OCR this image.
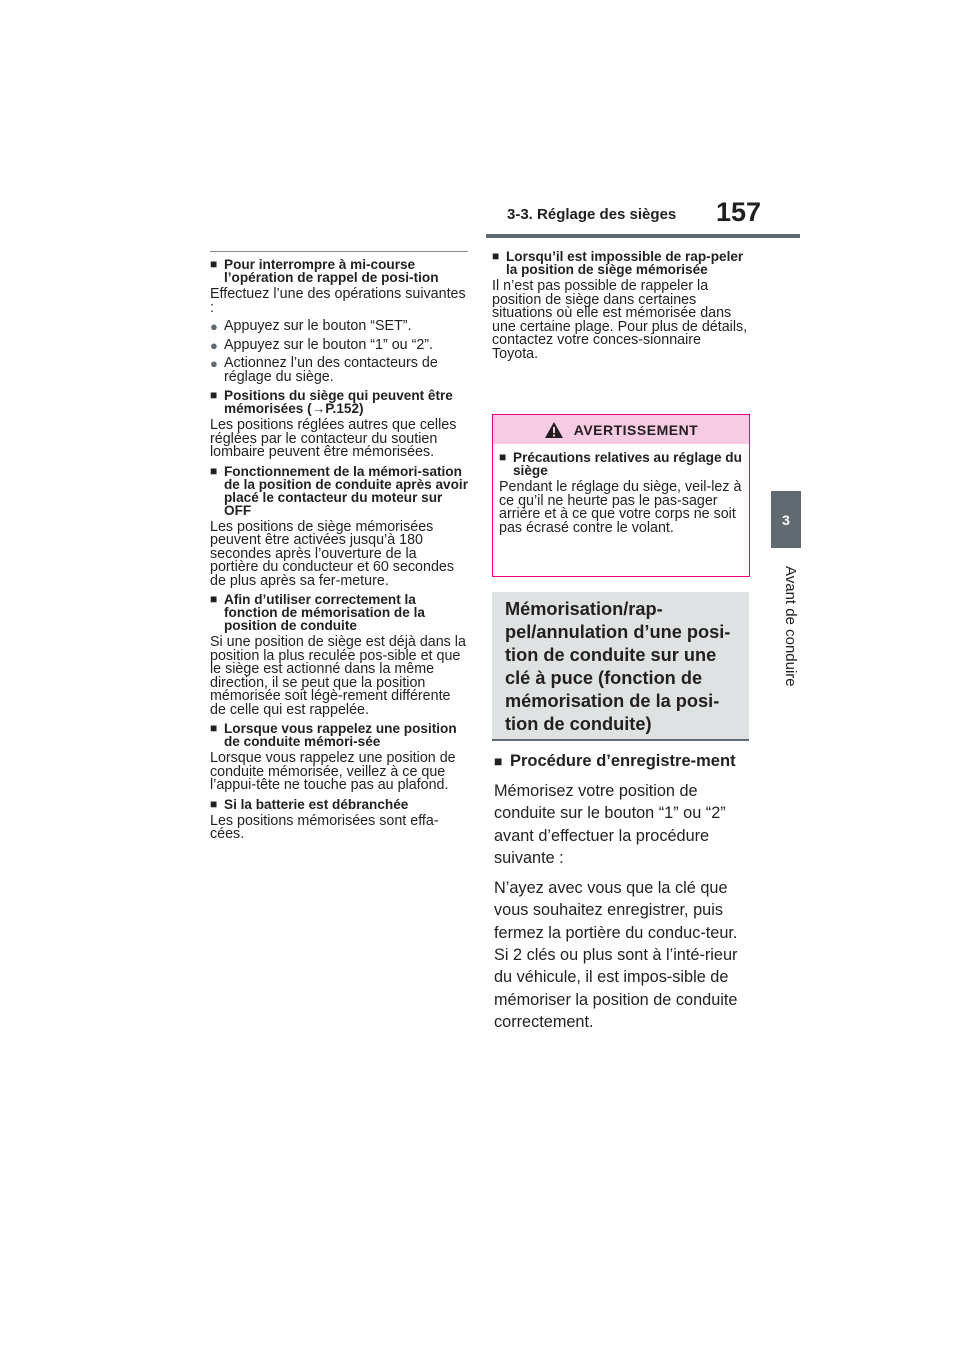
3-3. Réglage des sièges 157
3
Avant de conduire
■ Pour interrompre à mi-course l’opération de rappel de posi-tion
Effectuez l’une des opérations suivantes :
● Appuyez sur le bouton “SET”.
● Appuyez sur le bouton “1” ou “2”.
● Actionnez l’un des contacteurs de réglage du siège.
■ Positions du siège qui peuvent être mémorisées (→P.152)
Les positions réglées autres que celles réglées par le contacteur du soutien lombaire peuvent être mémorisées.
■ Fonctionnement de la mémori-sation de la position de conduite après avoir placé le contacteur du moteur sur OFF
Les positions de siège mémorisées peuvent être activées jusqu’à 180 secondes après l’ouverture de la portière du conducteur et 60 secondes de plus après sa fer-meture.
■ Afin d’utiliser correctement la fonction de mémorisation de la position de conduite
Si une position de siège est déjà dans la position la plus reculée pos-sible et que le siège est actionné dans la même direction, il se peut que la position mémorisée soit légè-rement différente de celle qui est rappelée.
■ Lorsque vous rappelez une position de conduite mémori-sée
Lorsque vous rappelez une position de conduite mémorisée, veillez à ce que l’appui-tête ne touche pas au plafond.
■ Si la batterie est débranchée
Les positions mémorisées sont effa-cées.
■ Lorsqu’il est impossible de rap-peler la position de siège mémorisée
Il n’est pas possible de rappeler la position de siège dans certaines situations où elle est mémorisée dans une certaine plage. Pour plus de détails, contactez votre conces-sionnaire Toyota.
AVERTISSEMENT
■ Précautions relatives au réglage du siège
Pendant le réglage du siège, veil-lez à ce qu’il ne heurte pas le pas-sager arrière et à ce que votre corps ne soit pas écrasé contre le volant.
Mémorisation/rap-pel/annulation d’une posi-tion de conduite sur une clé à puce (fonction de mémorisation de la posi-tion de conduite)
■ Procédure d’enregistre-ment
Mémorisez votre position de conduite sur le bouton “1” ou “2” avant d’effectuer la procédure suivante :
N’ayez avec vous que la clé que vous souhaitez enregistrer, puis fermez la portière du conduc-teur.
Si 2 clés ou plus sont à l’inté-rieur du véhicule, il est impos-sible de mémoriser la position de conduite correctement.
